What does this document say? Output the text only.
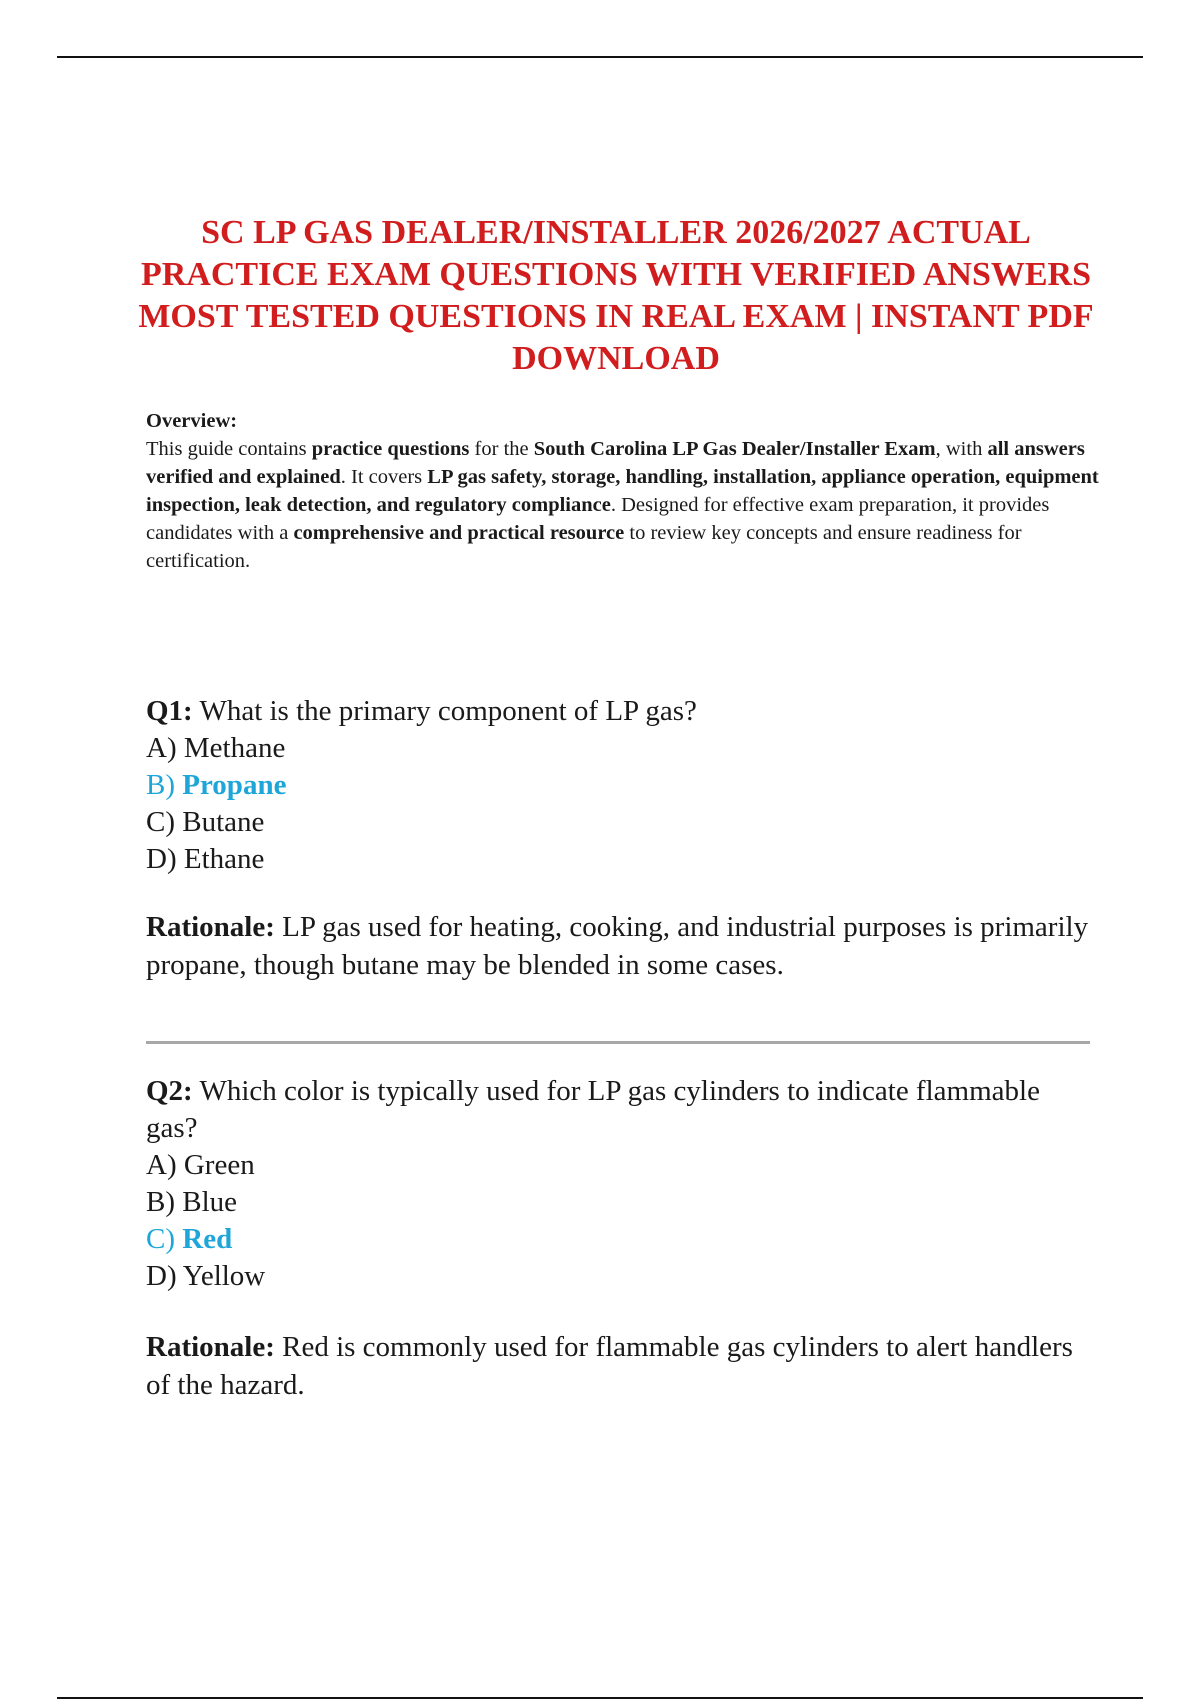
SC LP GAS DEALER/INSTALLER 2026/2027 ACTUAL PRACTICE EXAM QUESTIONS WITH VERIFIED ANSWERS MOST TESTED QUESTIONS IN REAL EXAM | INSTANT PDF DOWNLOAD
Overview:
This guide contains practice questions for the South Carolina LP Gas Dealer/Installer Exam, with all answers verified and explained. It covers LP gas safety, storage, handling, installation, appliance operation, equipment inspection, leak detection, and regulatory compliance. Designed for effective exam preparation, it provides candidates with a comprehensive and practical resource to review key concepts and ensure readiness for certification.
Q1: What is the primary component of LP gas?
A) Methane
B) Propane
C) Butane
D) Ethane
Rationale: LP gas used for heating, cooking, and industrial purposes is primarily propane, though butane may be blended in some cases.
Q2: Which color is typically used for LP gas cylinders to indicate flammable gas?
A) Green
B) Blue
C) Red
D) Yellow
Rationale: Red is commonly used for flammable gas cylinders to alert handlers of the hazard.
